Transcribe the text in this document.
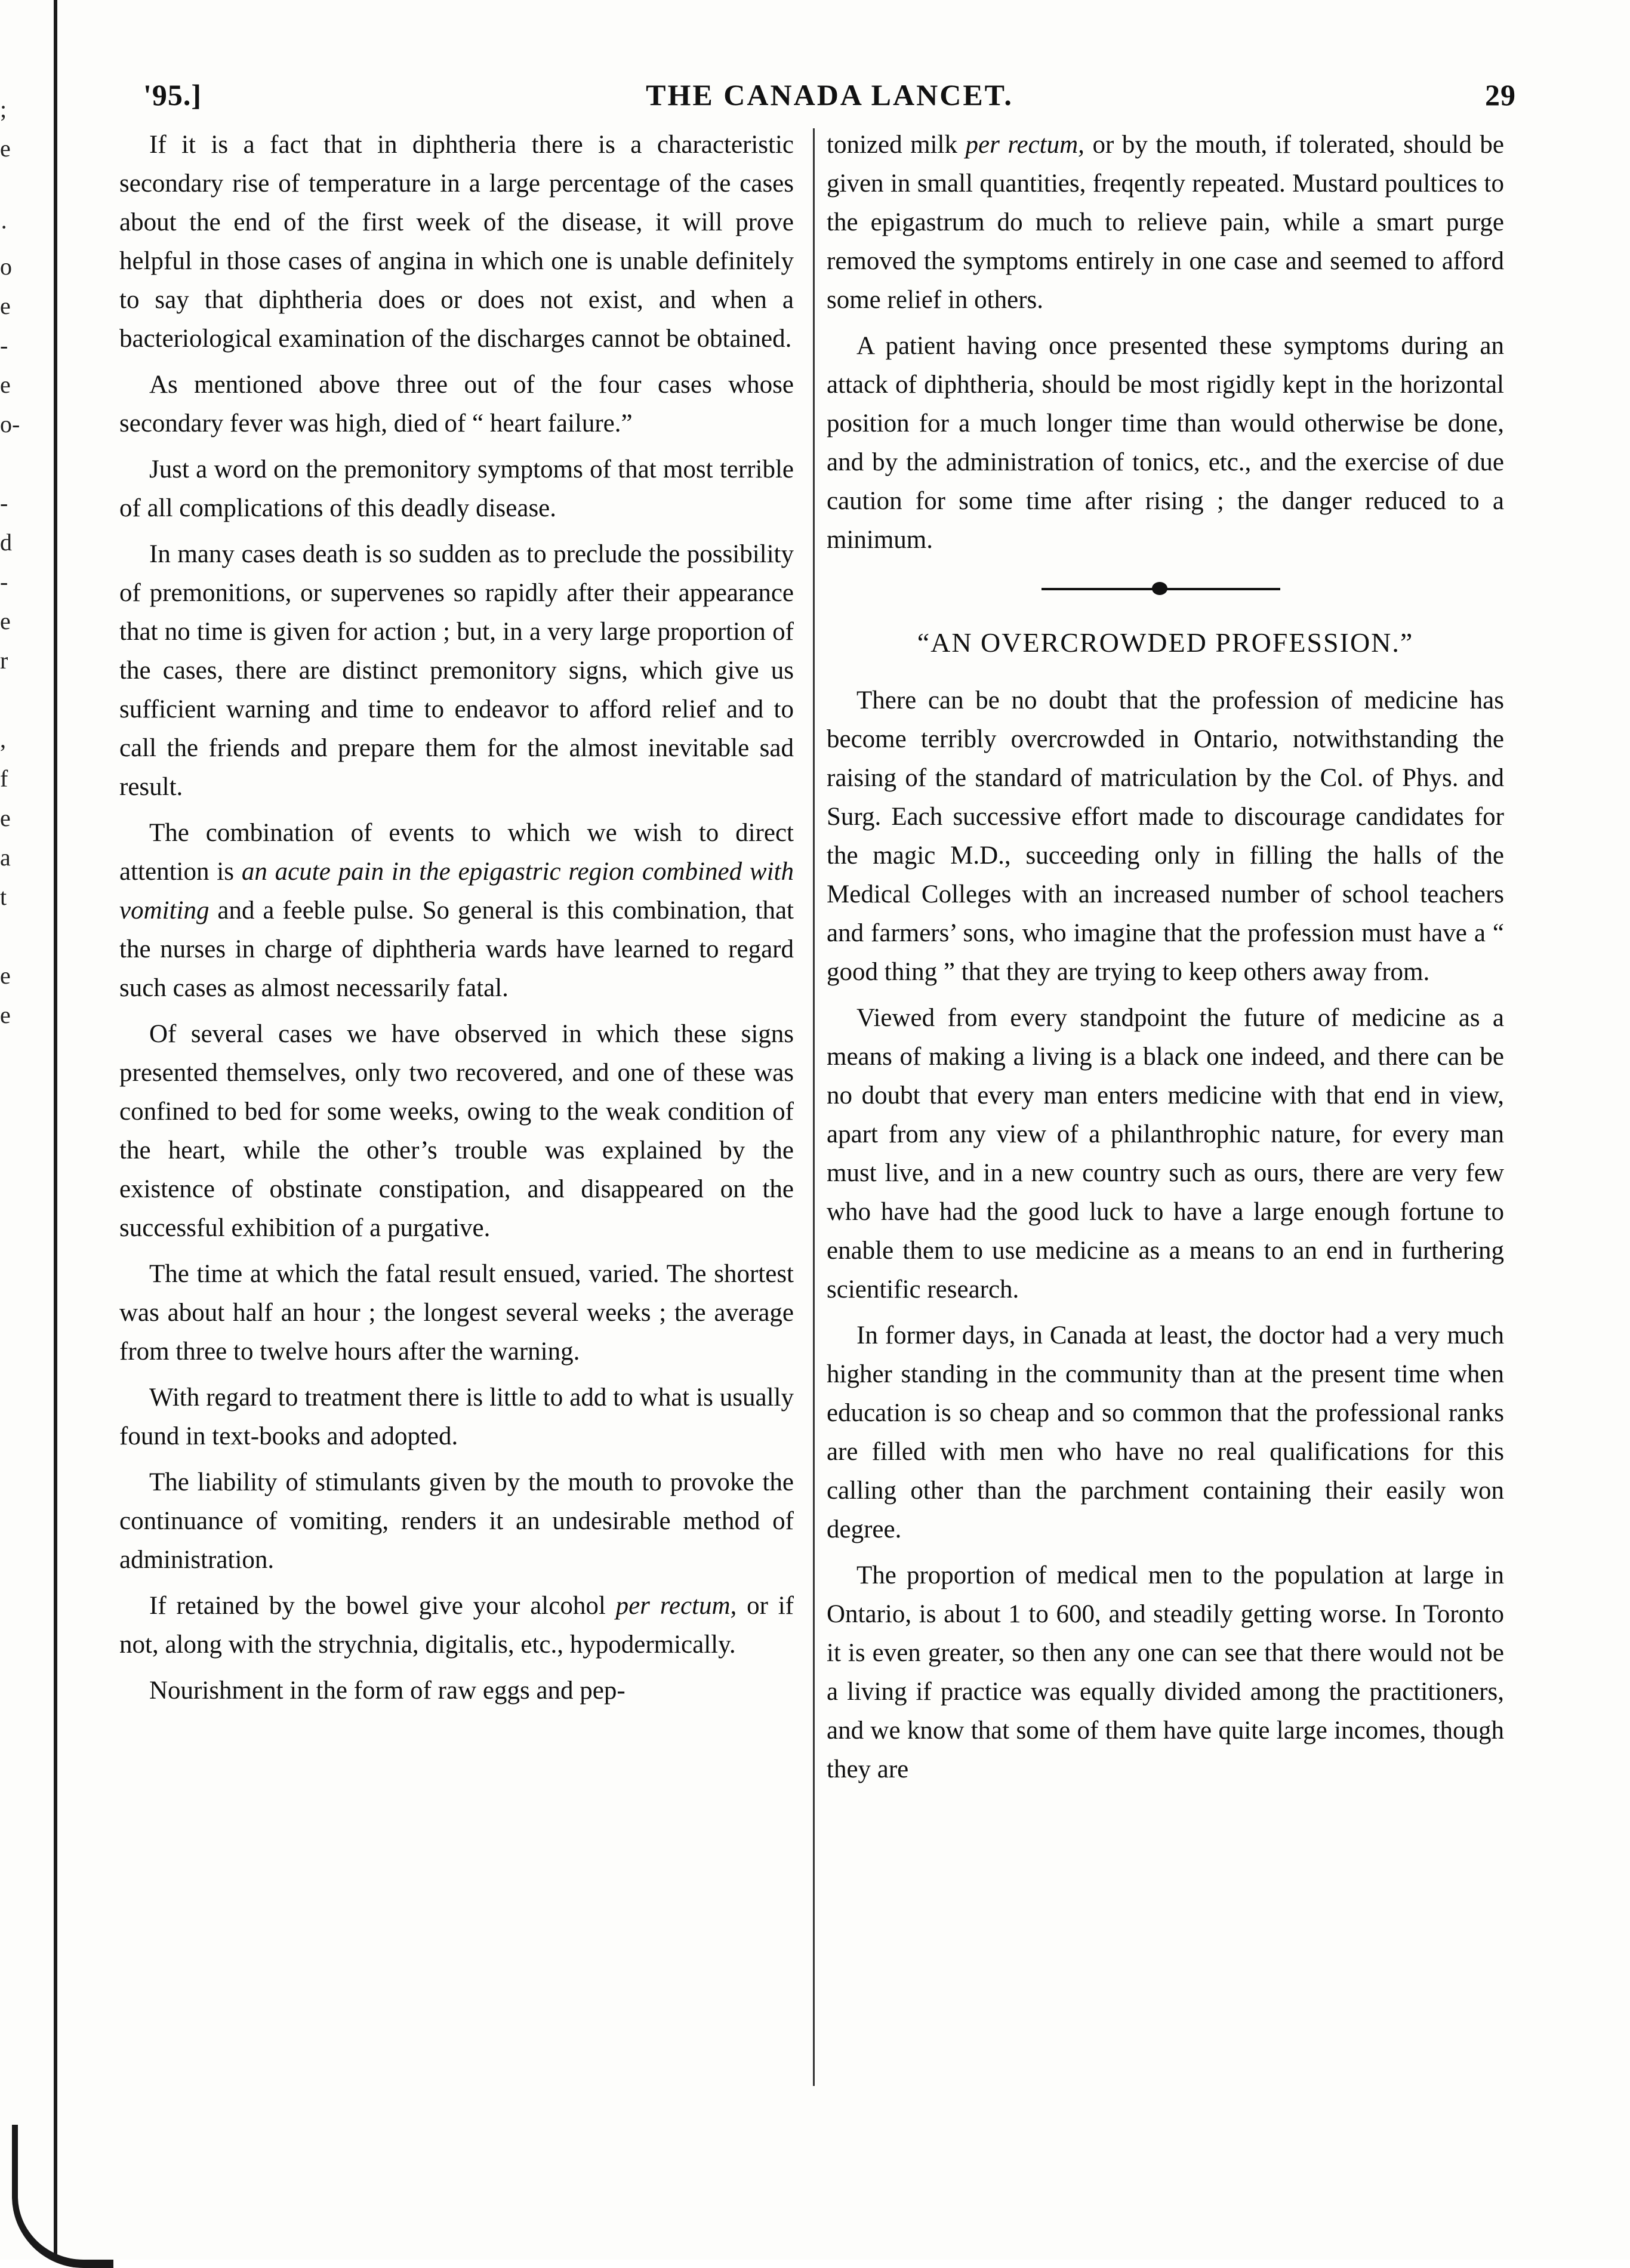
;
e
·
o
e
-
e
o-
-
d
-
e
r
,
f
e
a
t
e
e
'95.]	THE CANADA LANCET.	29

If it is a fact that in diphtheria there is a characteristic secondary rise of temperature in a large percentage of the cases about the end of the first week of the disease, it will prove helpful in those cases of angina in which one is unable definitely to say that diphtheria does or does not exist, and when a bacteriological examination of the discharges cannot be obtained.

As mentioned above three out of the four cases whose secondary fever was high, died of “ heart failure.”

Just a word on the premonitory symptoms of that most terrible of all complications of this deadly disease.

In many cases death is so sudden as to preclude the possibility of premonitions, or supervenes so rapidly after their appearance that no time is given for action ; but, in a very large proportion of the cases, there are distinct premonitory signs, which give us sufficient warning and time to endeavor to afford relief and to call the friends and prepare them for the almost inevitable sad result.

The combination of events to which we wish to direct attention is an acute pain in the epigastric region combined with vomiting and a feeble pulse. So general is this combination, that the nurses in charge of diphtheria wards have learned to regard such cases as almost necessarily fatal.

Of several cases we have observed in which these signs presented themselves, only two recovered, and one of these was confined to bed for some weeks, owing to the weak condition of the heart, while the other’s trouble was explained by the existence of obstinate constipation, and disappeared on the successful exhibition of a purgative.

The time at which the fatal result ensued, varied. The shortest was about half an hour ; the longest several weeks ; the average from three to twelve hours after the warning.

With regard to treatment there is little to add to what is usually found in text-books and adopted.

The liability of stimulants given by the mouth to provoke the continuance of vomiting, renders it an undesirable method of administration.

If retained by the bowel give your alcohol per rectum, or if not, along with the strychnia, digitalis, etc., hypodermically.

Nourishment in the form of raw eggs and pep-

tonized milk per rectum, or by the mouth, if tolerated, should be given in small quantities, freqently repeated. Mustard poultices to the epigastrum do much to relieve pain, while a smart purge removed the symptoms entirely in one case and seemed to afford some relief in others.

A patient having once presented these symptoms during an attack of diphtheria, should be most rigidly kept in the horizontal position for a much longer time than would otherwise be done, and by the administration of tonics, etc., and the exercise of due caution for some time after rising ; the danger reduced to a minimum.

“AN OVERCROWDED PROFESSION.”

There can be no doubt that the profession of medicine has become terribly overcrowded in Ontario, notwithstanding the raising of the standard of matriculation by the Col. of Phys. and Surg. Each successive effort made to discourage candidates for the magic M.D., succeeding only in filling the halls of the Medical Colleges with an increased number of school teachers and farmers’ sons, who imagine that the profession must have a “ good thing ” that they are trying to keep others away from.

Viewed from every standpoint the future of medicine as a means of making a living is a black one indeed, and there can be no doubt that every man enters medicine with that end in view, apart from any view of a philanthrophic nature, for every man must live, and in a new country such as ours, there are very few who have had the good luck to have a large enough fortune to enable them to use medicine as a means to an end in furthering scientific research.

In former days, in Canada at least, the doctor had a very much higher standing in the community than at the present time when education is so cheap and so common that the professional ranks are filled with men who have no real qualifications for this calling other than the parchment containing their easily won degree.

The proportion of medical men to the population at large in Ontario, is about 1 to 600, and steadily getting worse. In Toronto it is even greater, so then any one can see that there would not be a living if practice was equally divided among the practitioners, and we know that some of them have quite large incomes, though they are
